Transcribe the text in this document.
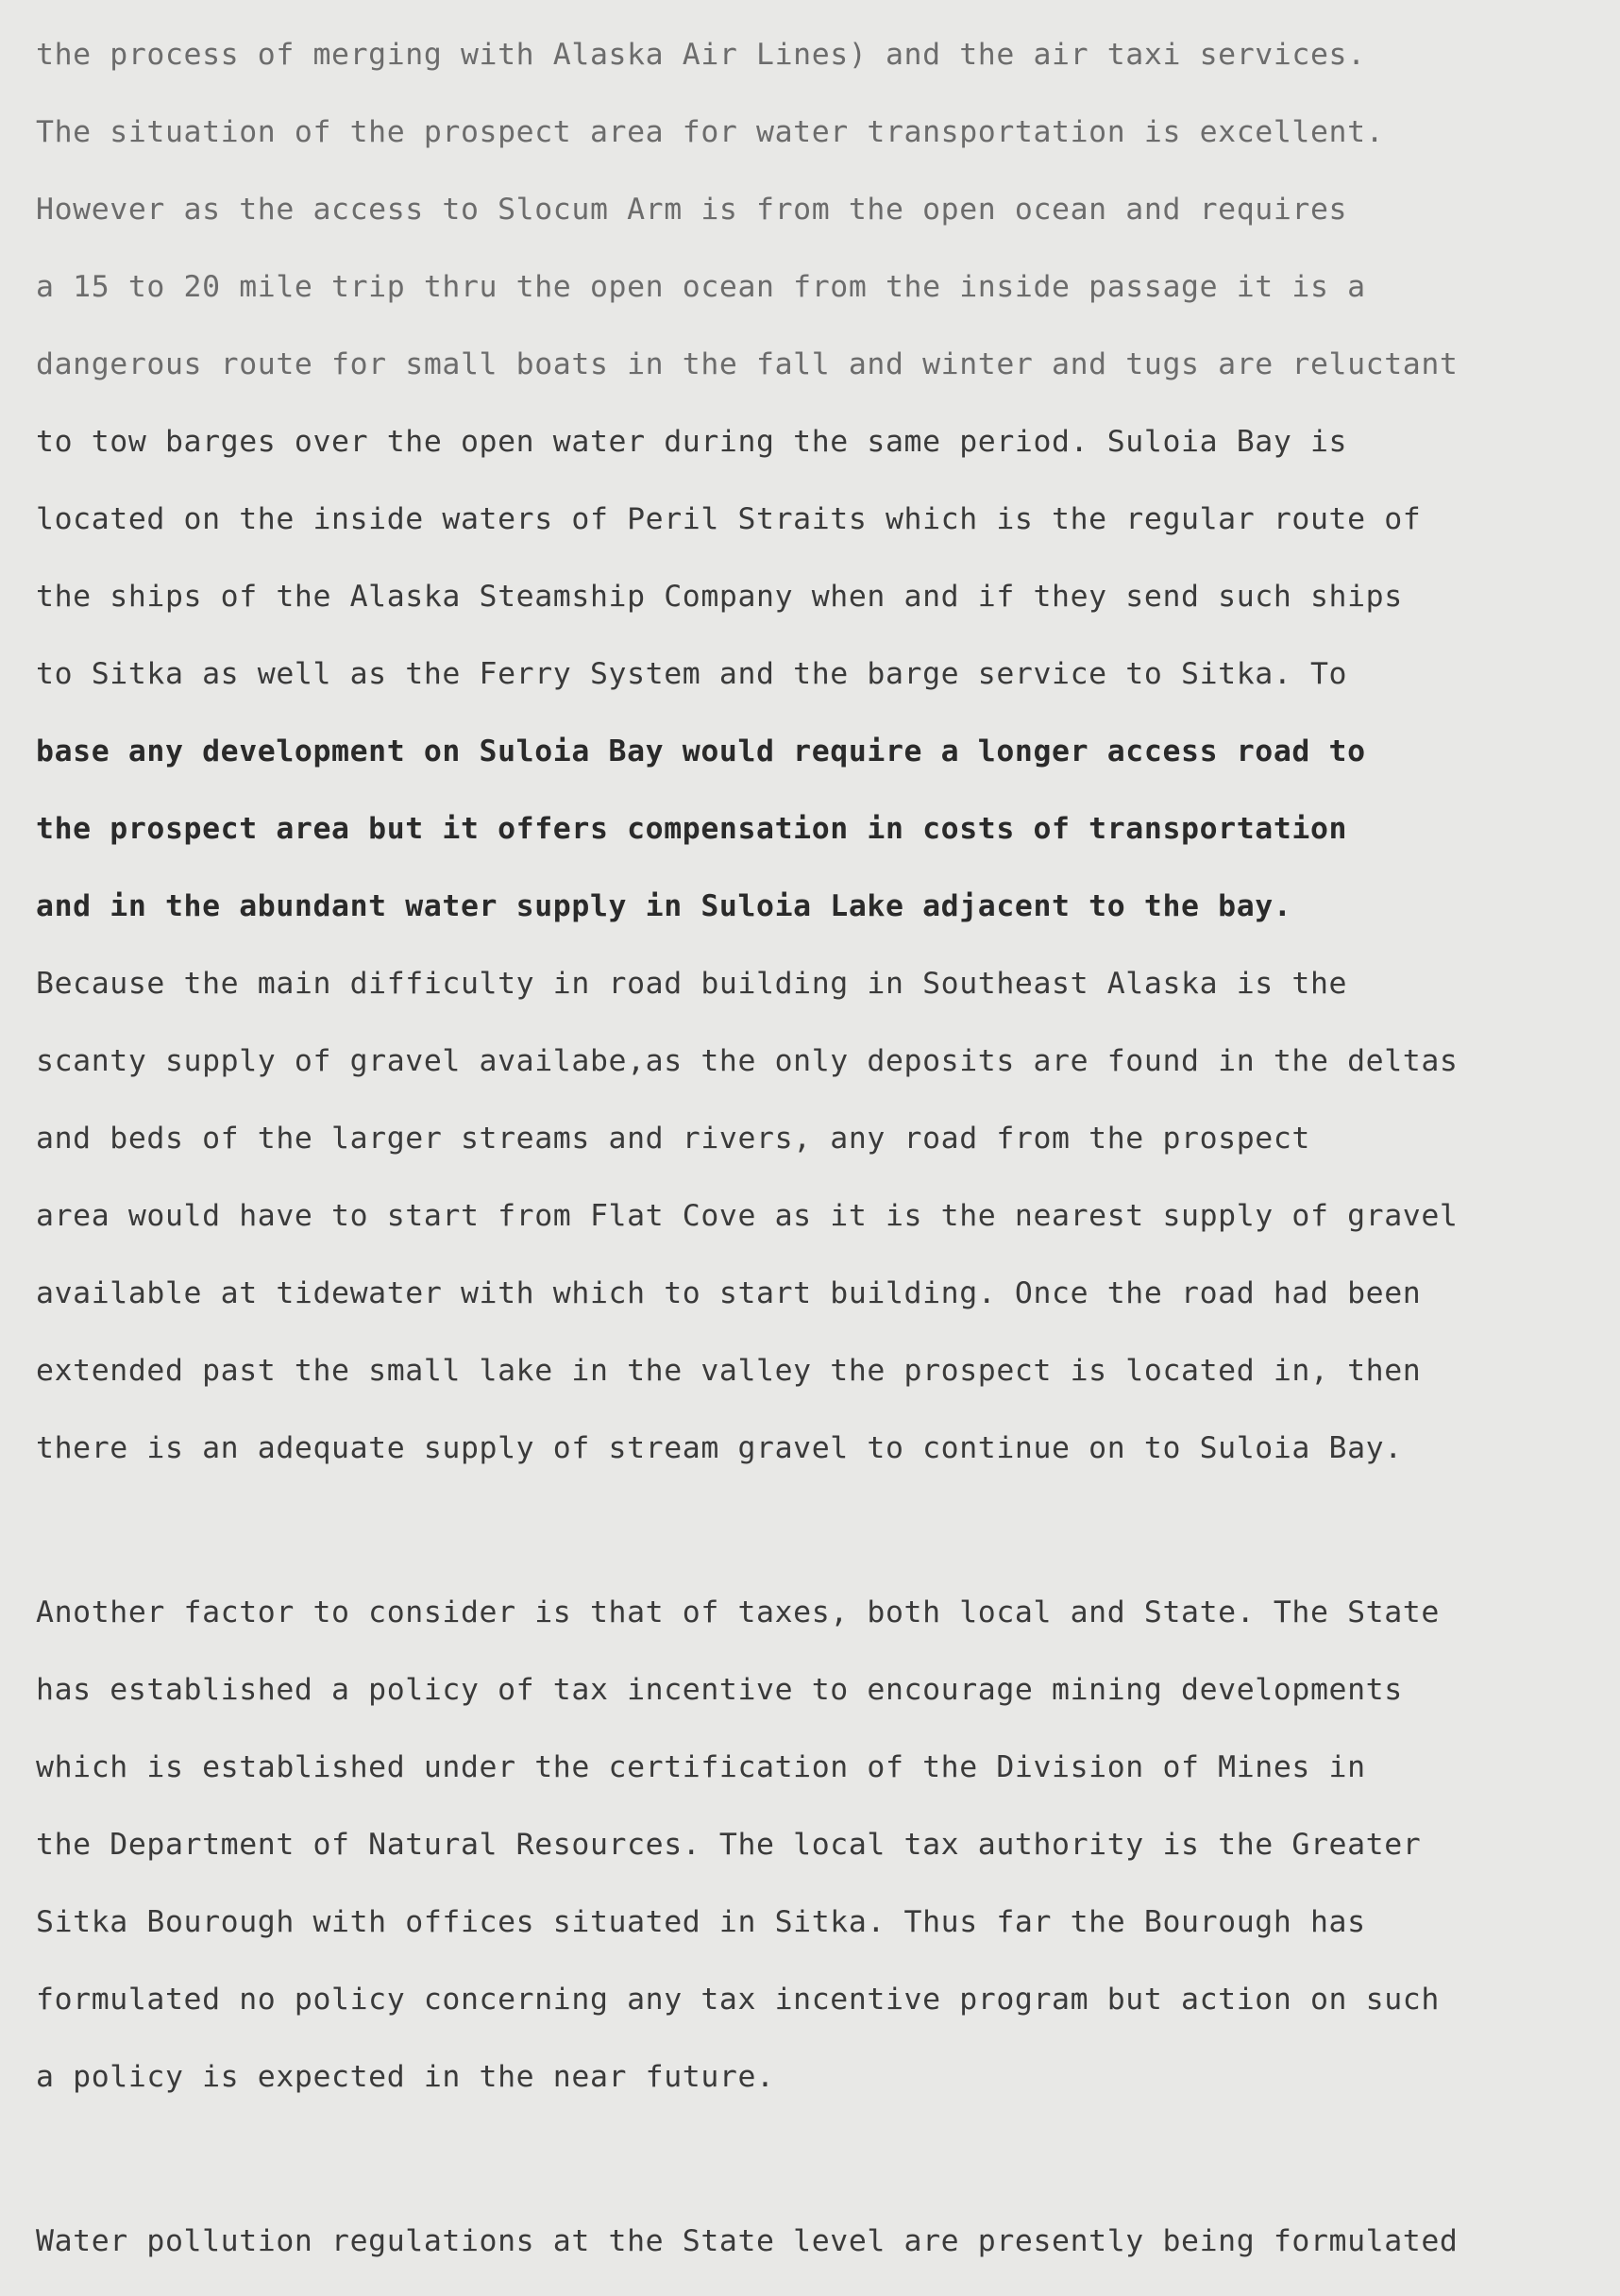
the process of merging with Alaska Air Lines) and the air taxi services.
The situation of the prospect area for water transportation is excellent.
However as the access to Slocum Arm is from the open ocean and requires
a 15 to 20 mile trip thru the open ocean from the inside passage it is a
dangerous route for small boats in the fall and winter and tugs are reluctant
to tow barges over the open water during the same period. Suloia Bay is
located on the inside waters of Peril Straits which is the regular route of
the ships of the Alaska Steamship Company when and if they send such ships
to Sitka as well as the Ferry System and the barge service to Sitka. To
base any development on Suloia Bay would require a longer access road to
the prospect area but it offers compensation in costs of transportation
and in the abundant water supply in Suloia Lake adjacent to the bay.
Because the main difficulty in road building in Southeast Alaska is the
scanty supply of gravel availabe,as the only deposits are found in the deltas
and beds of the larger streams and rivers, any road from the prospect
area would have to start from Flat Cove as it is the nearest supply of gravel
available at tidewater with which to start building. Once the road had been
extended past the small lake in the valley the prospect is located in, then
there is an adequate supply of stream gravel to continue on to Suloia Bay.
Another factor to consider is that of taxes, both local and State. The State
has established a policy of tax incentive to encourage mining developments
which is established under the certification of the Division of Mines in
the Department of Natural Resources. The local tax authority is the Greater
Sitka Bourough with offices situated in Sitka. Thus far the Bourough has
formulated no policy concerning any tax incentive program but action on such
a policy is expected in the near future.
Water pollution regulations at the State level are presently being formulated
